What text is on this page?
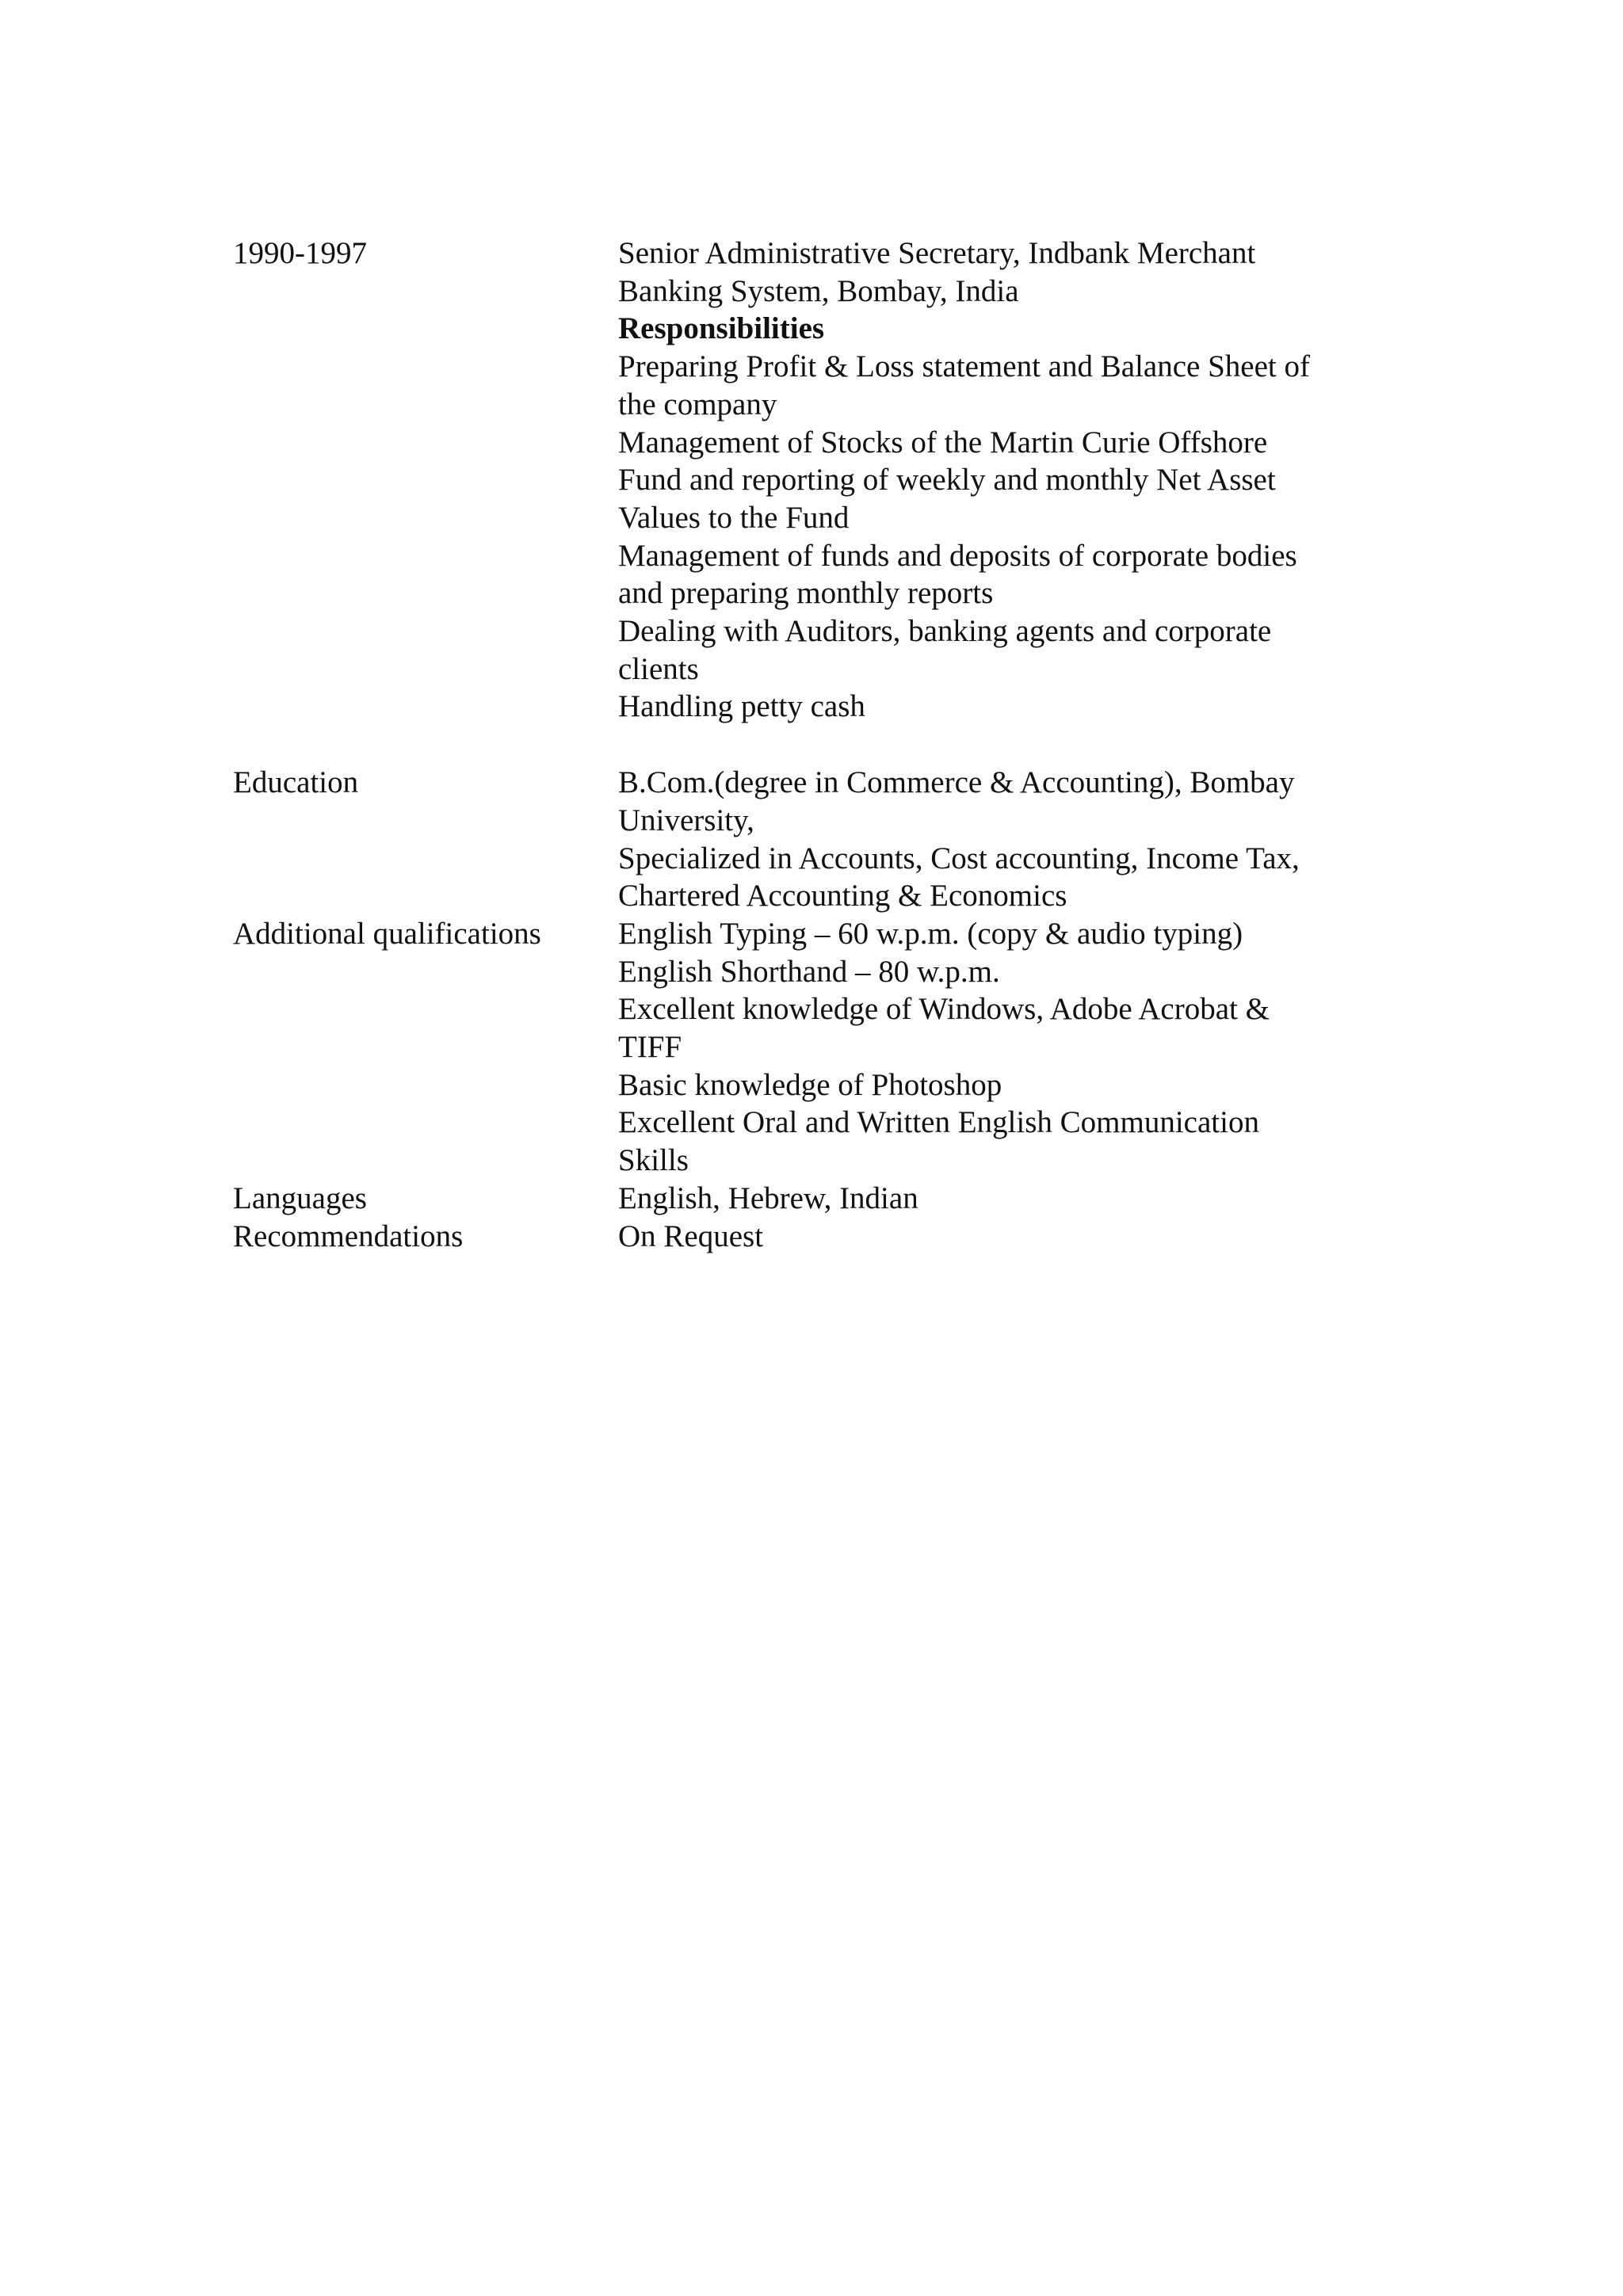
1990-1997	Senior Administrative Secretary, Indbank Merchant
Banking System, Bombay, India
Responsibilities
Preparing Profit & Loss statement and Balance Sheet of
the company
Management of Stocks of the Martin Curie Offshore
Fund and reporting of weekly and monthly Net Asset
Values to the Fund
Management of funds and deposits of corporate bodies
and preparing monthly reports
Dealing with Auditors, banking agents and corporate
clients
Handling petty cash
Education	B.Com.(degree in Commerce & Accounting), Bombay
University,
Specialized in Accounts, Cost accounting, Income Tax,
Chartered Accounting & Economics
Additional qualifications	English Typing – 60 w.p.m. (copy & audio typing)
English Shorthand – 80 w.p.m.
Excellent knowledge of Windows, Adobe Acrobat &
TIFF
Basic knowledge of Photoshop
Excellent Oral and Written English Communication
Skills
Languages	English, Hebrew, Indian
Recommendations	On Request
